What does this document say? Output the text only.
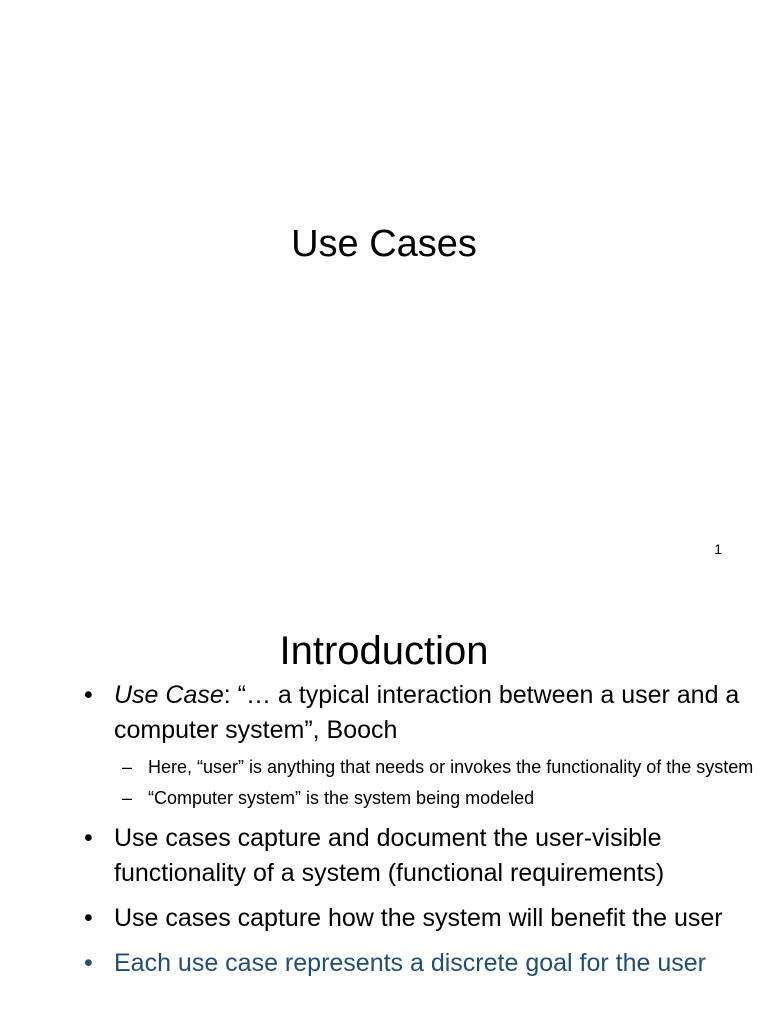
Use Cases
1
Introduction
• Use Case: “… a typical interaction between a user and a computer system”, Booch
– Here, “user” is anything that needs or invokes the functionality of the system
– “Computer system” is the system being modeled
• Use cases capture and document the user-visible functionality of a system (functional requirements)
• Use cases capture how the system will benefit the user
• Each use case represents a discrete goal for the user
